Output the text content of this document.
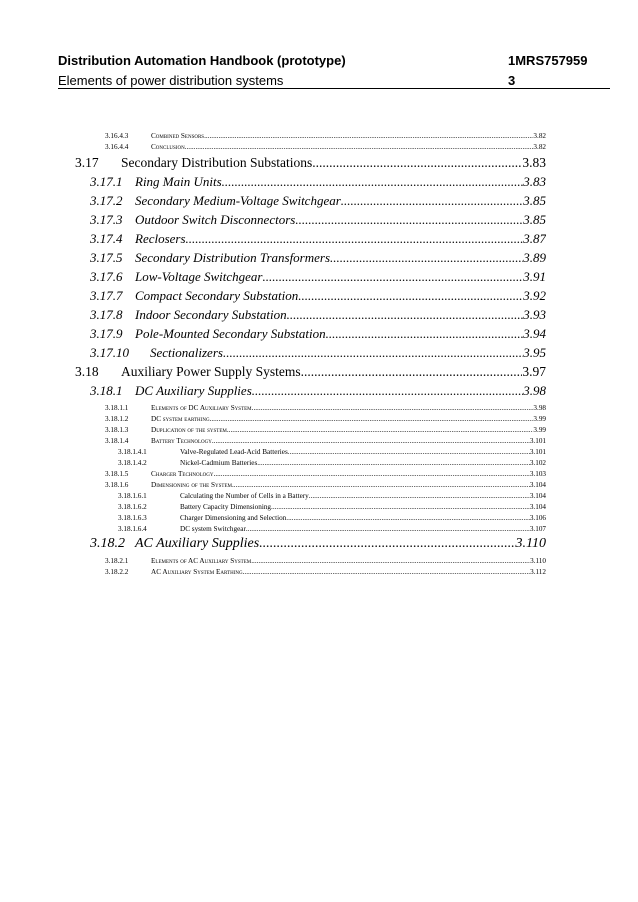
Distribution Automation Handbook (prototype)	1MRS757959
Elements of power distribution systems	3
3.16.4.3	Combined Sensors .....	3.82
3.16.4.4	Conclusion .....	3.82
3.17	Secondary Distribution Substations .....	3.83
3.17.1 Ring Main Units .....	3.83
3.17.2 Secondary Medium-Voltage Switchgear .....	3.85
3.17.3 Outdoor Switch Disconnectors .....	3.85
3.17.4 Reclosers .....	3.87
3.17.5 Secondary Distribution Transformers .....	3.89
3.17.6 Low-Voltage Switchgear .....	3.91
3.17.7 Compact Secondary Substation .....	3.92
3.17.8 Indoor Secondary Substation .....	3.93
3.17.9 Pole-Mounted Secondary Substation .....	3.94
3.17.10	Sectionalizers .....	3.95
3.18	Auxiliary Power Supply Systems .....	3.97
3.18.1 DC Auxiliary Supplies .....	3.98
3.18.1.1	Elements of DC Auxiliary System .....	3.98
3.18.1.2	DC system earthing .....	3.99
3.18.1.3	Duplication of the system .....	3.99
3.18.1.4	Battery Technology .....	3.101
3.18.1.4.1	Valve-Regulated Lead-Acid Batteries .....	3.101
3.18.1.4.2	Nickel-Cadmium Batteries .....	3.102
3.18.1.5	Charger Technology .....	3.103
3.18.1.6	Dimensioning of the System .....	3.104
3.18.1.6.1	Calculating the Number of Cells in a Battery .....	3.104
3.18.1.6.2	Battery Capacity Dimensioning .....	3.104
3.18.1.6.3	Charger Dimensioning and Selection .....	3.106
3.18.1.6.4	DC system Switchgear .....	3.107
3.18.2 AC Auxiliary Supplies .....	3.110
3.18.2.1	Elements of AC Auxiliary System .....	3.110
3.18.2.2	AC Auxiliary System Earthing .....	3.112
